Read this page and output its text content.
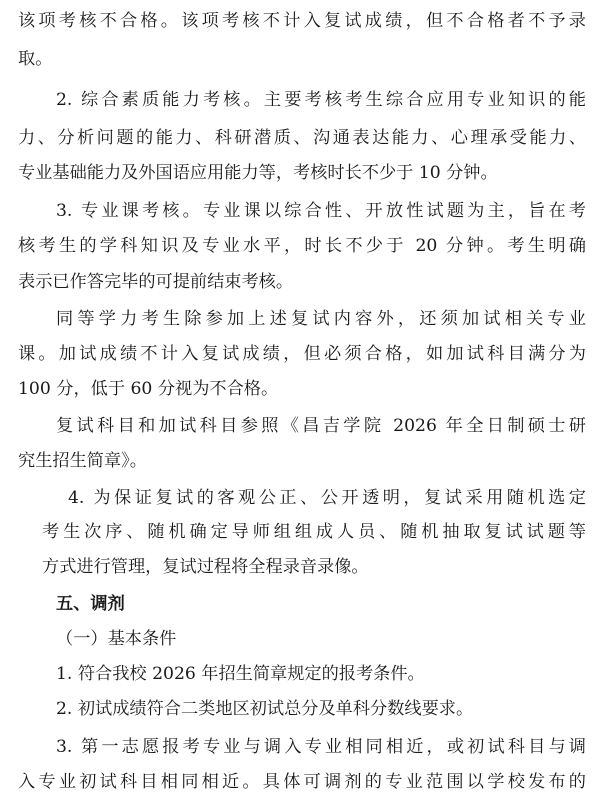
该项考核不合格。该项考核不计入复试成绩，但不合格者不予录
取。
2. 综合素质能力考核。主要考核考生综合应用专业知识的能
力、分析问题的能力、科研潜质、沟通表达能力、心理承受能力、
专业基础能力及外国语应用能力等，考核时长不少于 10 分钟。
3. 专业课考核。专业课以综合性、开放性试题为主，旨在考
核考生的学科知识及专业水平，时长不少于 20 分钟。考生明确
表示已作答完毕的可提前结束考核。
同等学力考生除参加上述复试内容外，还须加试相关专业
课。加试成绩不计入复试成绩，但必须合格，如加试科目满分为
100 分，低于 60 分视为不合格。
复试科目和加试科目参照《昌吉学院 2026 年全日制硕士研
究生招生简章》。
4. 为保证复试的客观公正、公开透明，复试采用随机选定
考生次序、随机确定导师组组成人员、随机抽取复试试题等
方式进行管理，复试过程将全程录音录像。
五、调剂
（一）基本条件
1. 符合我校 2026 年招生简章规定的报考条件。
2. 初试成绩符合二类地区初试总分及单科分数线要求。
3. 第一志愿报考专业与调入专业相同相近，或初试科目与调
入专业初试科目相同相近。具体可调剂的专业范围以学校发布的
